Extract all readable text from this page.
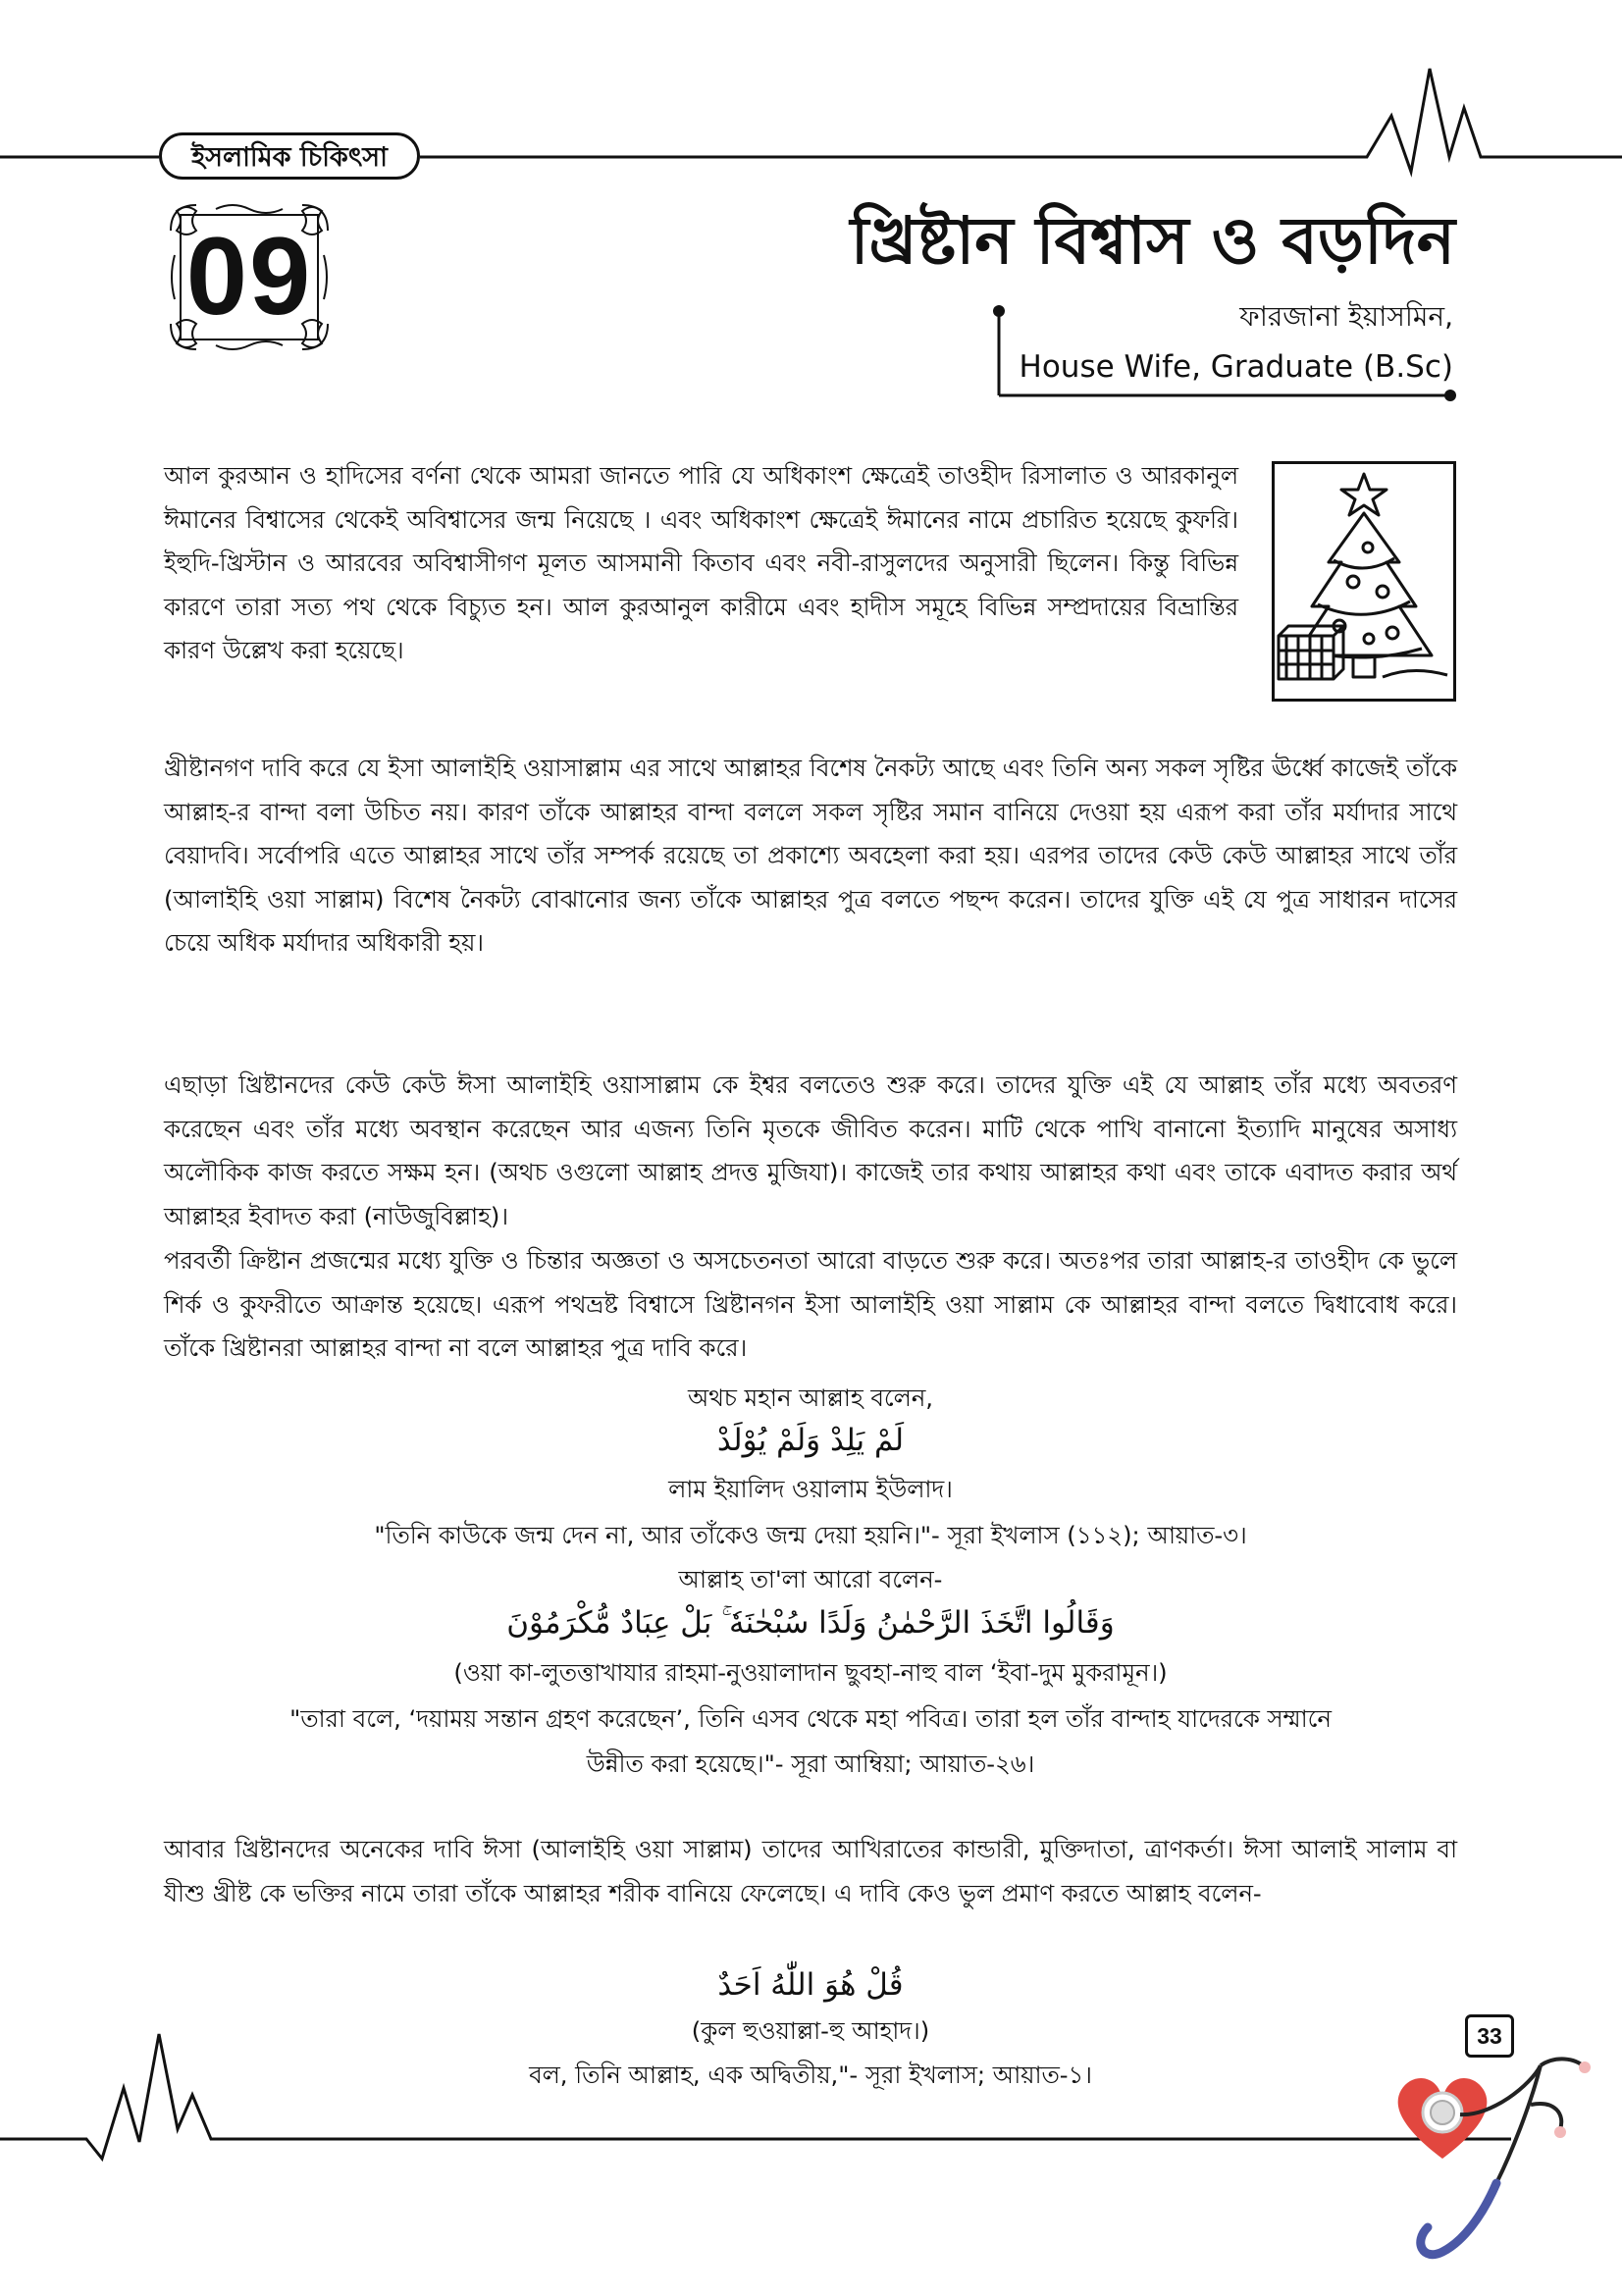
ইসলামিক চিকিৎসা
09	খ্রিষ্টান বিশ্বাস ও বড়দিন
ফারজানা ইয়াসমিন,
House Wife, Graduate (B.Sc)
আল কুরআন ও হাদিসের বর্ণনা থেকে আমরা জানতে পারি যে অধিকাংশ ক্ষেত্রেই তাওহীদ রিসালাত ও আরকানুল ঈমানের বিশ্বাসের থেকেই অবিশ্বাসের জন্ম নিয়েছে । এবং অধিকাংশ ক্ষেত্রেই ঈমানের নামে প্রচারিত হয়েছে কুফরি।ইহুদি-খ্রিস্টান ও আরবের অবিশ্বাসীগণ মূলত আসমানী কিতাব এবং নবী-রাসুলদের অনুসারী ছিলেন। কিন্তু বিভিন্ন কারণে তারা সত্য পথ থেকে বিচ্যুত হন। আল কুরআনুল কারীমে এবং হাদীস সমূহে বিভিন্ন সম্প্রদায়ের বিভ্রান্তির কারণ উল্লেখ করা হয়েছে।
খ্রীষ্টানগণ দাবি করে যে ইসা আলাইহি ওয়াসাল্লাম এর সাথে আল্লাহর বিশেষ নৈকট্য আছে এবং তিনি অন্য সকল সৃষ্টির ঊর্ধ্বে কাজেই তাঁকে আল্লাহ-র বান্দা বলা উচিত নয়। কারণ তাঁকে আল্লাহর বান্দা বললে সকল সৃষ্টির সমান বানিয়ে দেওয়া হয় এরূপ করা তাঁর মর্যাদার সাথে বেয়াদবি। সর্বোপরি এতে আল্লাহর সাথে তাঁর সম্পর্ক রয়েছে তা প্রকাশ্যে অবহেলা করা হয়। এরপর তাদের কেউ কেউ আল্লাহর সাথে তাঁর (আলাইহি ওয়া সাল্লাম) বিশেষ নৈকট্য বোঝানোর জন্য তাঁকে আল্লাহর পুত্র বলতে পছন্দ করেন। তাদের যুক্তি এই যে পুত্র সাধারন দাসের চেয়ে অধিক মর্যাদার অধিকারী হয়।
এছাড়া খ্রিষ্টানদের কেউ কেউ ঈসা আলাইহি ওয়াসাল্লাম কে ইশ্বর বলতেও শুরু করে। তাদের যুক্তি এই যে আল্লাহ তাঁর মধ্যে অবতরণ করেছেন এবং তাঁর মধ্যে অবস্থান করেছেন আর এজন্য তিনি মৃতকে জীবিত করেন। মাটি থেকে পাখি বানানো ইত্যাদি মানুষের অসাধ্য অলৌকিক কাজ করতে সক্ষম হন। (অথচ ওগুলো আল্লাহ প্রদত্ত মুজিযা)। কাজেই তার কথায় আল্লাহর কথা এবং তাকে এবাদত করার অর্থ আল্লাহর ইবাদত করা (নাউজুবিল্লাহ)।
পরবর্তী ক্রিষ্টান প্রজন্মের মধ্যে যুক্তি ও চিন্তার অজ্ঞতা ও অসচেতনতা আরো বাড়তে শুরু করে। অতঃপর তারা আল্লাহ-র তাওহীদ কে ভুলে শির্ক ও কুফরীতে আক্রান্ত হয়েছে। এরূপ পথভ্রষ্ট বিশ্বাসে খ্রিষ্টানগন ইসা আলাইহি ওয়া সাল্লাম কে আল্লাহর বান্দা বলতে দ্বিধাবোধ করে। তাঁকে খ্রিষ্টানরা আল্লাহর বান্দা না বলে আল্লাহর পুত্র দাবি করে।
অথচ মহান আল্লাহ বলেন,
لَمْ يَلِدْ وَلَمْ يُوْلَدْ
লাম ইয়ালিদ ওয়ালাম ইউলাদ।
"তিনি কাউকে জন্ম দেন না, আর তাঁকেও জন্ম দেয়া হয়নি।"- সূরা ইখলাস (১১২); আয়াত-৩।
আল্লাহ তা'লা আরো বলেন-
وَقَالُوا اتَّخَذَ الرَّحْمٰنُ وَلَدًا سُبْحٰنَهٗ ۚ بَلْ عِبَادٌ مُّكْرَمُوْنَ
(ওয়া কা-লুতত্তাখাযার রাহমা-নুওয়ালাদান ছুবহা-নাহু বাল ‘ইবা-দুম মুকরামূন।)
"তারা বলে, ‘দয়াময় সন্তান গ্রহণ করেছেন’, তিনি এসব থেকে মহা পবিত্র। তারা হল তাঁর বান্দাহ যাদেরকে সম্মানে
উন্নীত করা হয়েছে।"- সূরা আম্বিয়া; আয়াত-২৬।
আবার খ্রিষ্টানদের অনেকের দাবি ঈসা (আলাইহি ওয়া সাল্লাম) তাদের আখিরাতের কান্ডারী, মুক্তিদাতা, ত্রাণকর্তা। ঈসা আলাই সালাম বা যীশু খ্রীষ্ট কে ভক্তির নামে তারা তাঁকে আল্লাহর শরীক বানিয়ে ফেলেছে। এ দাবি কেও ভুল প্রমাণ করতে আল্লাহ বলেন-
قُلْ هُوَ اللّٰهُ اَحَدٌ
(কুল হুওয়াল্লা-হু আহাদ।)
বল, তিনি আল্লাহ, এক অদ্বিতীয়,"- সূরা ইখলাস; আয়াত-১।
33
